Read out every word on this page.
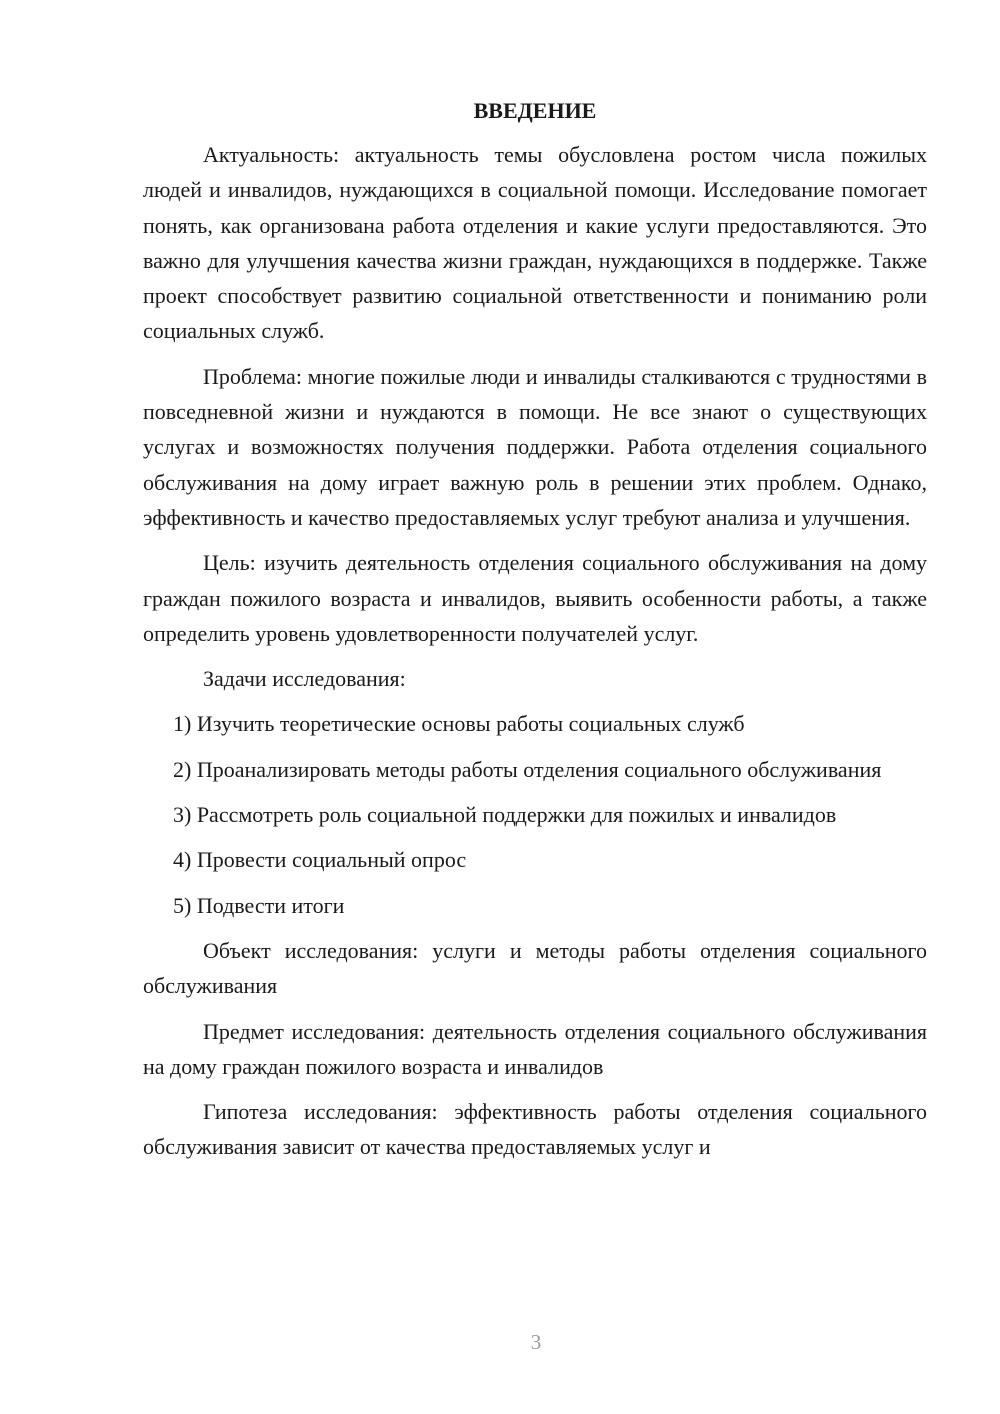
ВВЕДЕНИЕ

Актуальность: актуальность темы обусловлена ростом числа пожилых людей и инвалидов, нуждающихся в социальной помощи. Исследование помогает понять, как организована работа отделения и какие услуги предоставляются. Это важно для улучшения качества жизни граждан, нуждающихся в поддержке. Также проект способствует развитию социальной ответственности и пониманию роли социальных служб.

Проблема: многие пожилые люди и инвалиды сталкиваются с трудностями в повседневной жизни и нуждаются в помощи. Не все знают о существующих услугах и возможностях получения поддержки. Работа отделения социального обслуживания на дому играет важную роль в решении этих проблем. Однако, эффективность и качество предоставляемых услуг требуют анализа и улучшения.

Цель: изучить деятельность отделения социального обслуживания на дому граждан пожилого возраста и инвалидов, выявить особенности работы, а также определить уровень удовлетворенности получателей услуг.

Задачи исследования:

1) Изучить теоретические основы работы социальных служб

2) Проанализировать методы работы отделения социального обслуживания

3) Рассмотреть роль социальной поддержки для пожилых и инвалидов

4) Провести социальный опрос

5) Подвести итоги

Объект исследования: услуги и методы работы отделения социального обслуживания

Предмет исследования: деятельность отделения социального обслуживания на дому граждан пожилого возраста и инвалидов

Гипотеза исследования: эффективность работы отделения социального обслуживания зависит от качества предоставляемых услуг и

3
